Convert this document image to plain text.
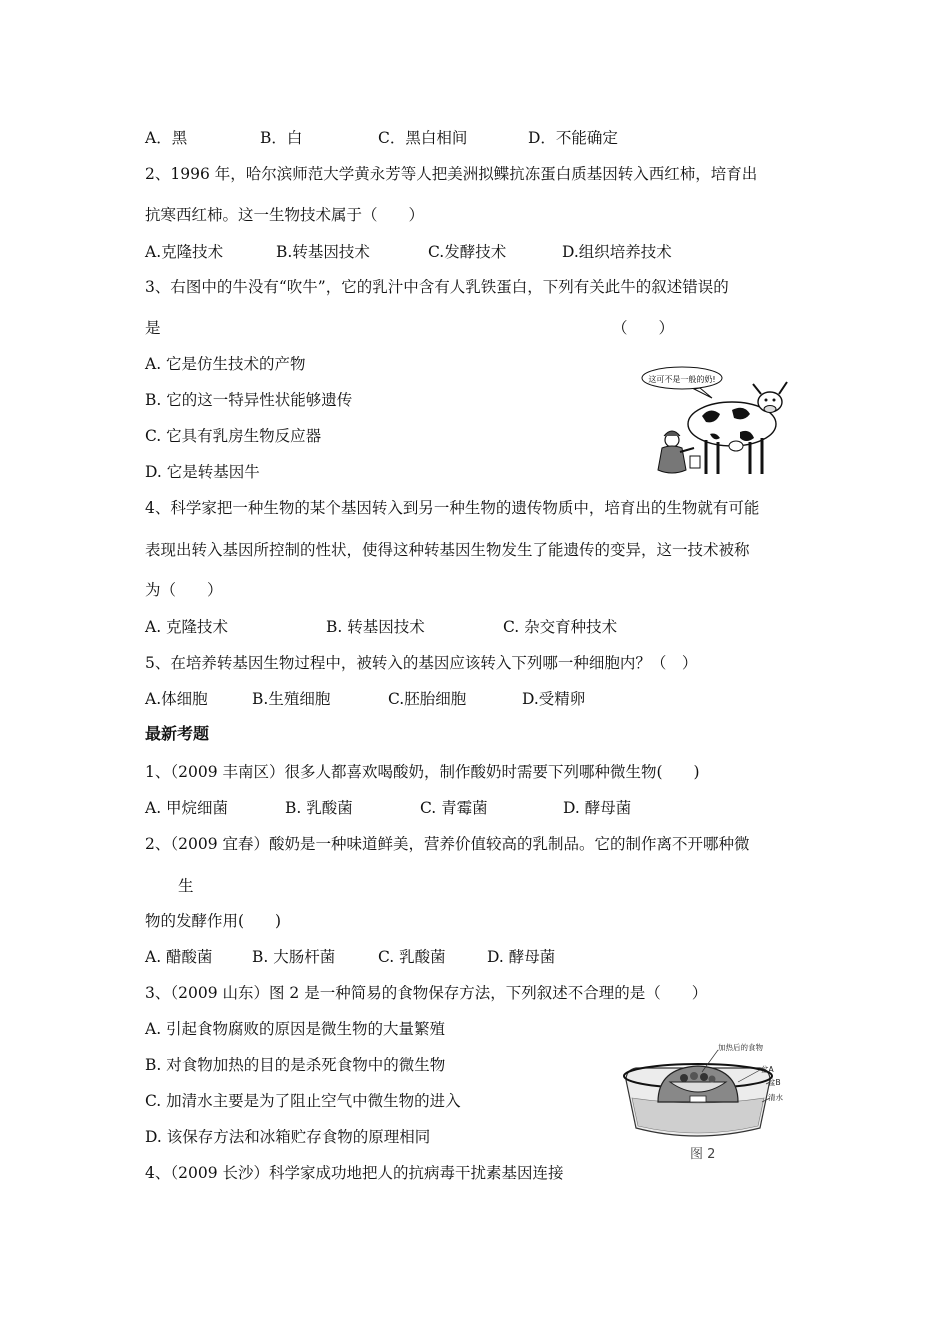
A．黑	B．白	C．黑白相间	D．不能确定
2、1996 年，哈尔滨师范大学黄永芳等人把美洲拟鲽抗冻蛋白质基因转入西红柿，培育出
抗寒西红柿。这一生物技术属于（　　）
A.克隆技术	B.转基因技术	C.发酵技术	D.组织培养技术
3、右图中的牛没有“吹牛”，它的乳汁中含有人乳铁蛋白，下列有关此牛的叙述错误的
是	（　　）
A. 它是仿生技术的产物
B. 它的这一特异性状能够遗传
C. 它具有乳房生物反应器
D. 它是转基因牛
这可不是一般的奶!
4、科学家把一种生物的某个基因转入到另一种生物的遗传物质中，培育出的生物就有可能
表现出转入基因所控制的性状，使得这种转基因生物发生了能遗传的变异，这一技术被称
为（　　）
A. 克隆技术	B. 转基因技术	C. 杂交育种技术
5、在培养转基因生物过程中，被转入的基因应该转入下列哪一种细胞内？（　）
A.体细胞	B.生殖细胞	C.胚胎细胞	D.受精卵
最新考题
1、（2009 丰南区）很多人都喜欢喝酸奶，制作酸奶时需要下列哪种微生物(　　)
A. 甲烷细菌	B. 乳酸菌	C. 青霉菌	D. 酵母菌
2、（2009 宜春）酸奶是一种味道鲜美，营养价值较高的乳制品。它的制作离不开哪种微
生
物的发酵作用(　　)
A. 醋酸菌	B. 大肠杆菌	C. 乳酸菌	D. 酵母菌
3、（2009 山东）图 2 是一种简易的食物保存方法，下列叙述不合理的是（　　）
A. 引起食物腐败的原因是微生物的大量繁殖
B. 对食物加热的目的是杀死食物中的微生物
C. 加清水主要是为了阻止空气中微生物的进入
D. 该保存方法和冰箱贮存食物的原理相同
加热后的食物
盆A
盆B
清水
图 2
4、（2009 长沙）科学家成功地把人的抗病毒干扰素基因连接
